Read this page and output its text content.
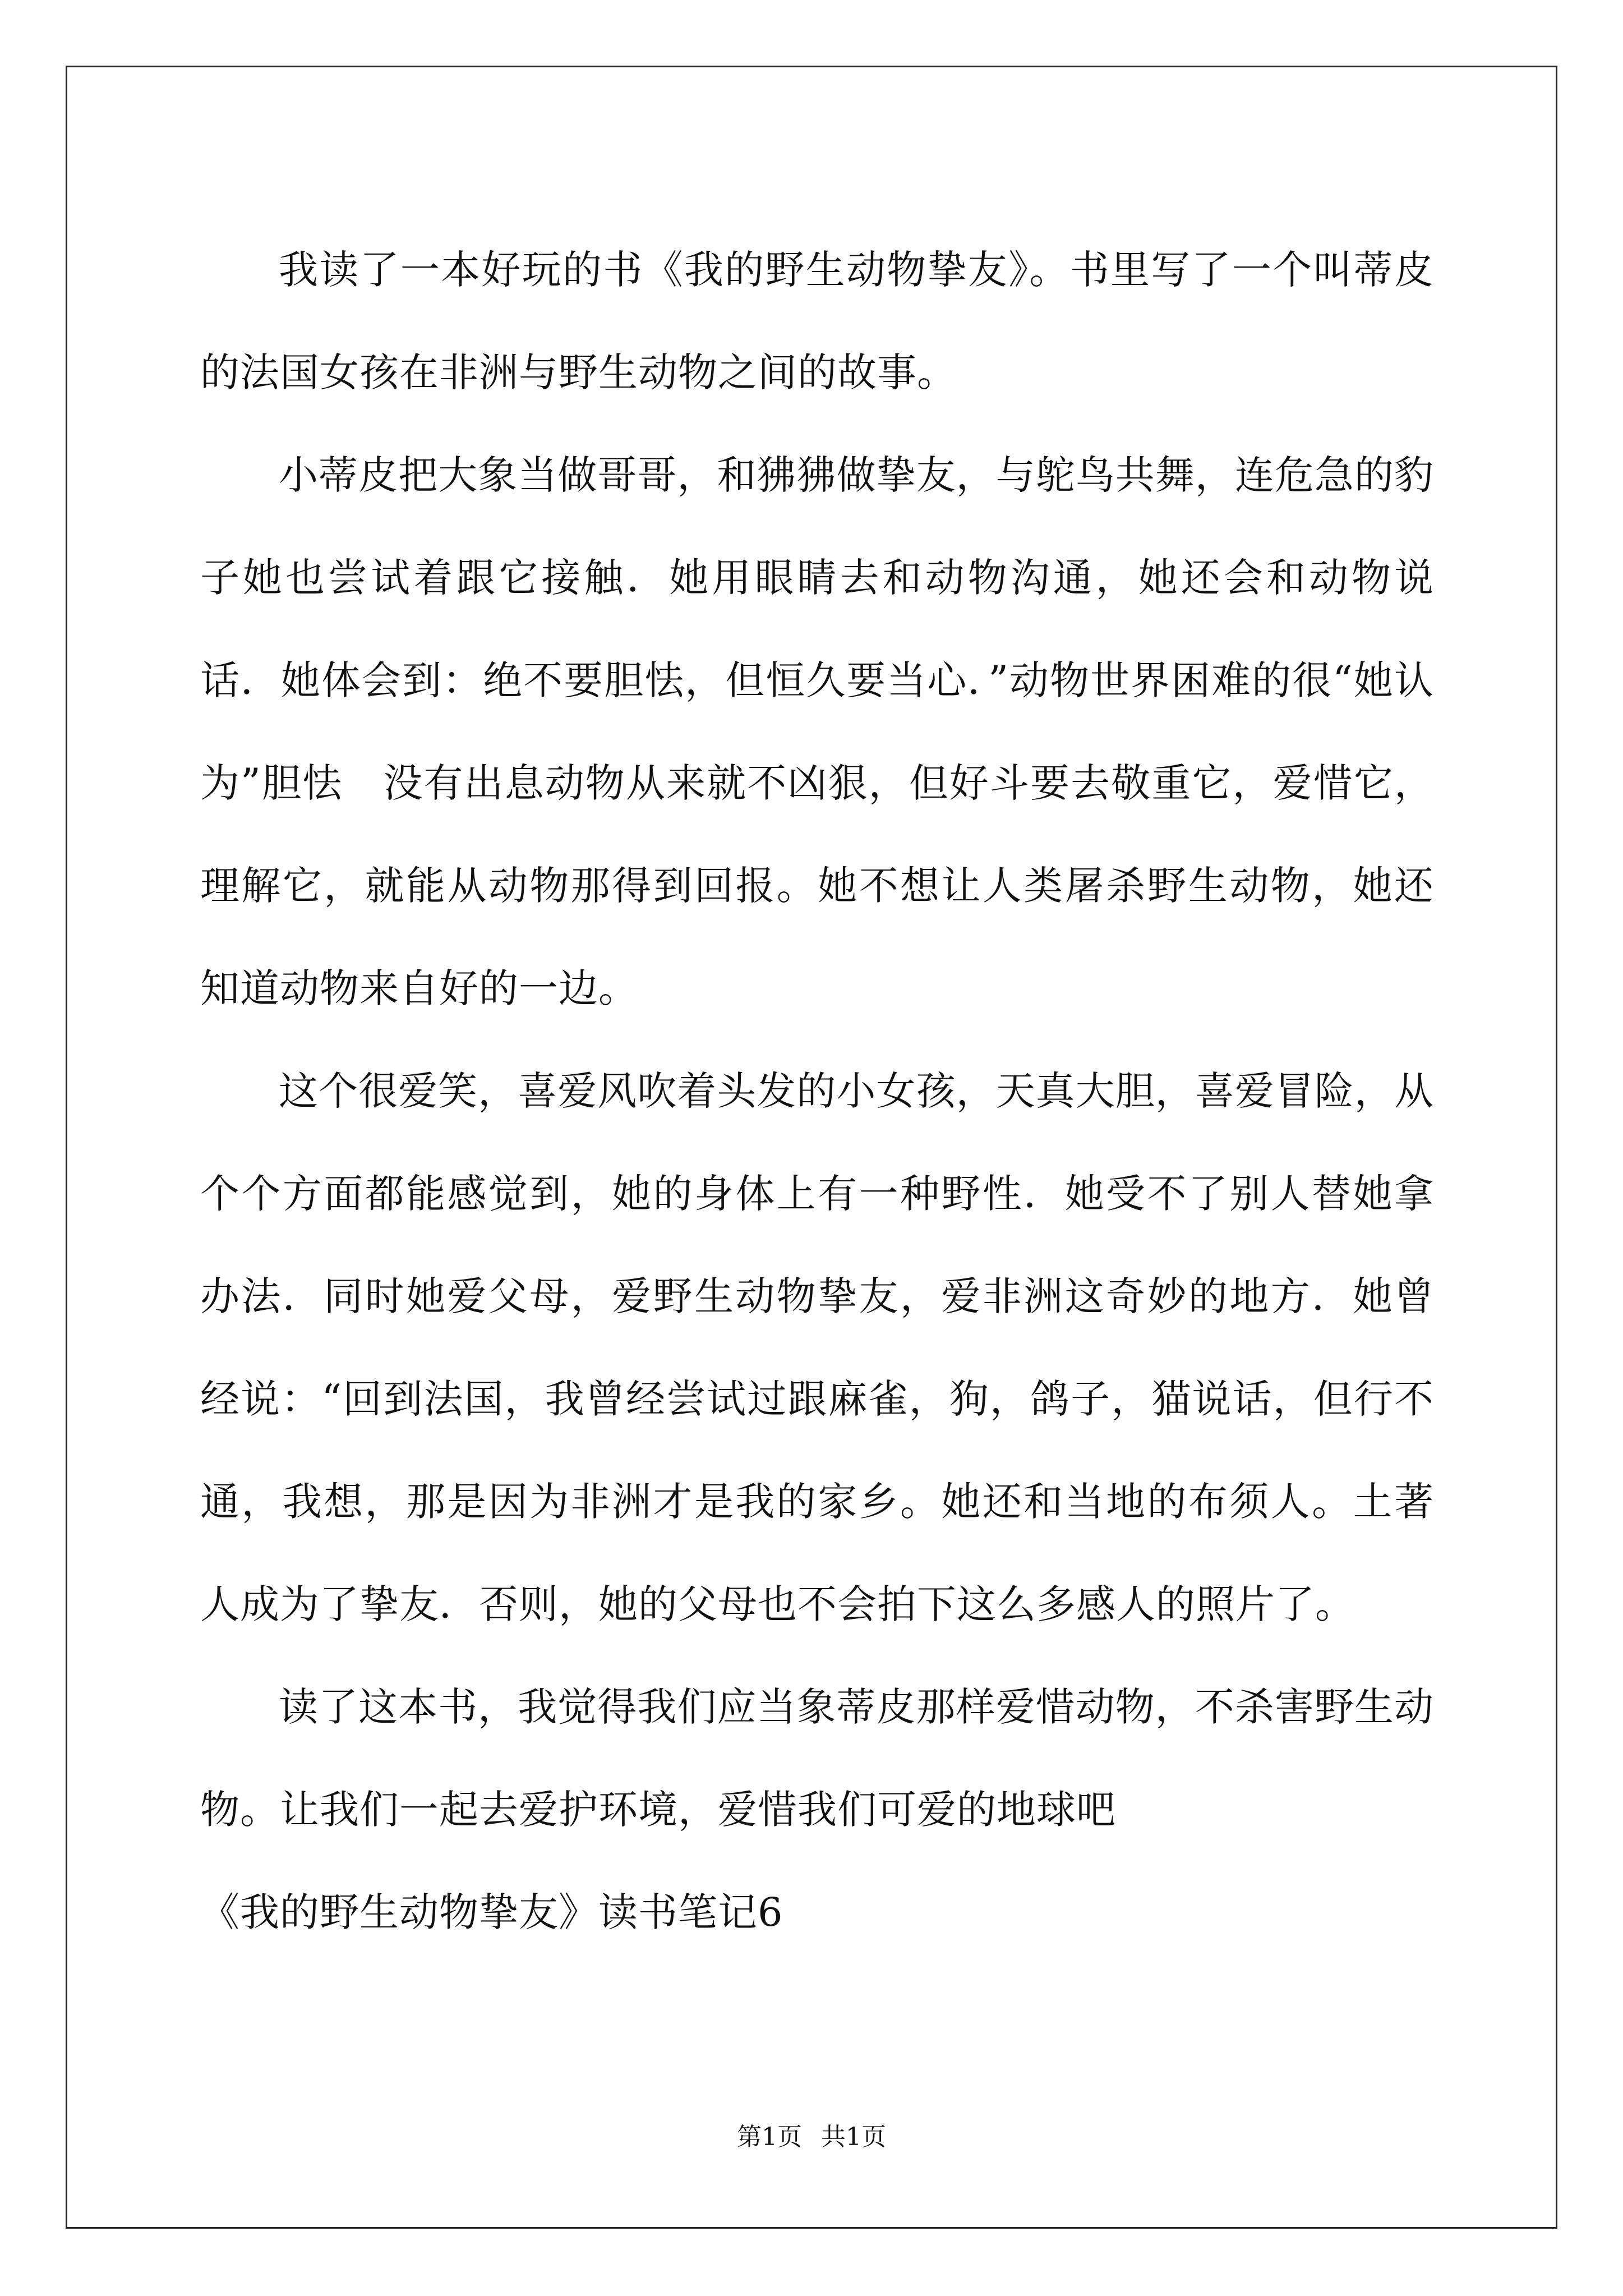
我读了一本好玩的书《我的野生动物挚友》。书里写了一个叫蒂皮的法国女孩在非洲与野生动物之间的故事。

小蒂皮把大象当做哥哥，和狒狒做挚友，与鸵鸟共舞，连危急的豹子她也尝试着跟它接触．她用眼睛去和动物沟通，她还会和动物说话．她体会到：绝不要胆怯，但恒久要当心．”动物世界困难的很“她认为”胆怯　没有出息动物从来就不凶狠，但好斗要去敬重它，爱惜它，理解它，就能从动物那得到回报。她不想让人类屠杀野生动物，她还知道动物来自好的一边。

这个很爱笑，喜爱风吹着头发的小女孩，天真大胆，喜爱冒险，从个个方面都能感觉到，她的身体上有一种野性．她受不了别人替她拿办法．同时她爱父母，爱野生动物挚友，爱非洲这奇妙的地方．她曾经说：“回到法国，我曾经尝试过跟麻雀，狗，鸽子，猫说话，但行不通，我想，那是因为非洲才是我的家乡。她还和当地的布须人。土著人成为了挚友．否则，她的父母也不会拍下这么多感人的照片了。

读了这本书，我觉得我们应当象蒂皮那样爱惜动物，不杀害野生动物。让我们一起去爱护环境，爱惜我们可爱的地球吧

《我的野生动物挚友》读书笔记6

第1页 共1页
